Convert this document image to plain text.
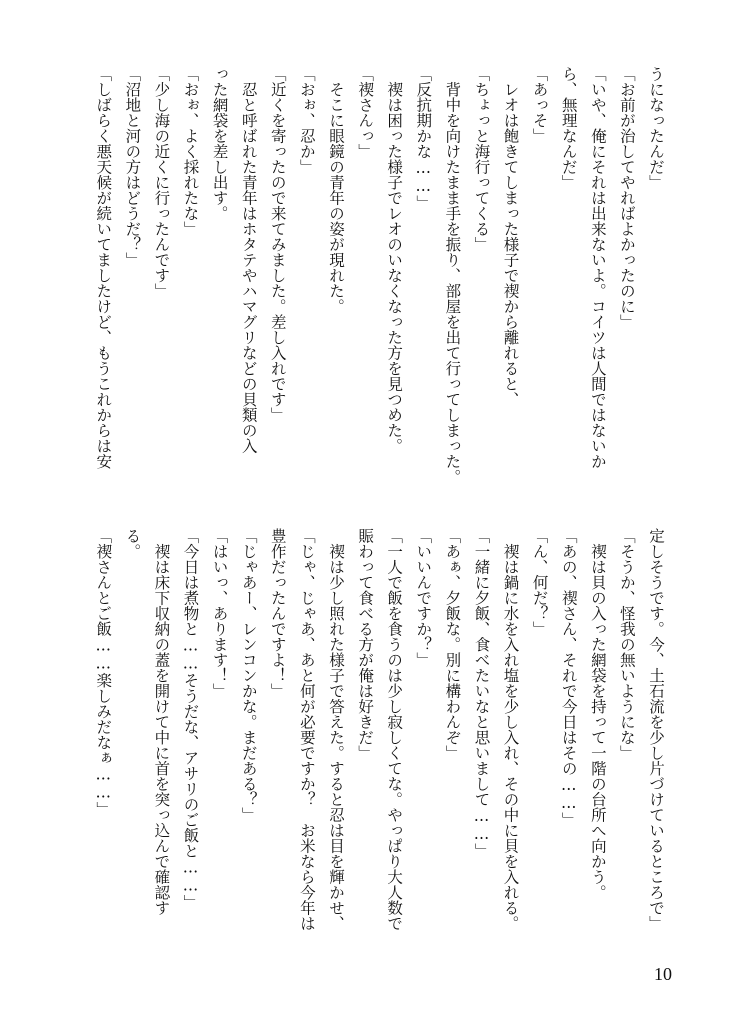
うになったんだ」
「お前が治してやればよかったのに」
「いや、俺にそれは出来ないよ。コイツは人間ではないか
ら、無理なんだ」
「あっそ」
　レオは飽きてしまった様子で禊から離れると、
「ちょっと海行ってくる」
　背中を向けたまま手を振り、部屋を出て行ってしまった。
「反抗期かな……」
　禊は困った様子でレオのいなくなった方を見つめた。
「禊さんっ」
　そこに眼鏡の青年の姿が現れた。
「おぉ、忍か」
「近くを寄ったので来てみました。差し入れです」
　忍と呼ばれた青年はホタテやハマグリなどの貝類の入
った網袋を差し出す。
「おぉ、よく採れたな」
「少し海の近くに行ったんです」
「沼地と河の方はどうだ？」
「しばらく悪天候が続いてましたけど、もうこれからは安
定しそうです。今、土石流を少し片づけているところで」
「そうか、怪我の無いようにな」
　禊は貝の入った網袋を持って一階の台所へ向かう。
「あの、禊さん、それで今日はその……」
「ん、何だ？」
　禊は鍋に水を入れ塩を少し入れ、その中に貝を入れる。
「一緒に夕飯、食べたいなと思いまして……」
「あぁ、夕飯な。別に構わんぞ」
「いいんですか？」
「一人で飯を食うのは少し寂しくてな。やっぱり大人数で
賑わって食べる方が俺は好きだ」
　禊は少し照れた様子で答えた。すると忍は目を輝かせ、
「じゃ、じゃあ、あと何が必要ですか？　お米なら今年は
豊作だったんですよ！」
「じゃあー、レンコンかな。まだある？」
「はいっ、あります！」
「今日は煮物と……そうだな、アサリのご飯と……」
　禊は床下収納の蓋を開けて中に首を突っ込んで確認す
る。
「禊さんとご飯……楽しみだなぁ……」
10
